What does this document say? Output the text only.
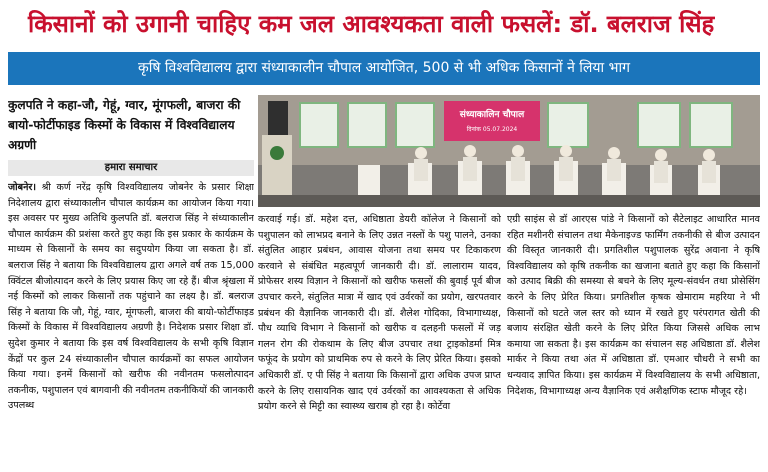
किसानों को उगानी चाहिए कम जल आवश्यकता वाली फसलें: डॉ. बलराज सिंह
कृषि विश्वविद्यालय द्वारा संध्याकालीन चौपाल आयोजित, 500 से भी अधिक किसानों ने लिया भाग
कुलपति ने कहा-जौ, गेहूं, ग्वार, मूंगफली, बाजरा की बायो-फोर्टीफाइड किस्मों के विकास में विश्वविद्यालय अग्रणी
हमारा समाचार
संध्याकालिन चौपाल
दिनांक 05.07.2024
जोबनेर। श्री कर्ण नरेंद्र कृषि विश्वविद्यालय जोबनेर के प्रसार शिक्षा निदेशालय द्वारा संध्याकालीन चौपाल कार्यक्रम का आयोजन किया गया। इस अवसर पर मुख्य अतिथि कुलपति डॉ. बलराज सिंह ने संध्याकालीन चौपाल कार्यक्रम की प्रशंसा करते हुए कहा कि इस प्रकार के कार्यक्रम के माध्यम से किसानों के समय का सदुपयोग किया जा सकता है। डॉ. बलराज सिंह ने बताया कि विश्वविद्यालय द्वारा अगले वर्ष तक 15,000 क्विंटल बीजोत्पादन करने के लिए प्रयास किए जा रहे हैं। बीज श्रृंखला में नई किस्मों को लाकर किसानों तक पहुंचाने का लक्ष्य है। डॉ. बलराज सिंह ने बताया कि जौ, गेहूं, ग्वार, मूंगफली, बाजरा की बायो-फोर्टीफाइड किस्मों के विकास में विश्वविद्यालय अग्रणी है। निदेशक प्रसार शिक्षा डॉ. सुदेश कुमार ने बताया कि इस वर्ष विश्वविद्यालय के सभी कृषि विज्ञान केंद्रों पर कुल 24 संध्याकालीन चौपाल कार्यक्रमों का सफल आयोजन किया गया। इनमें किसानों को खरीफ की नवीनतम फसलोत्पादन तकनीक, पशुपालन एवं बागवानी की नवीनतम तकनीकियों की जानकारी उपलब्ध
करवाई गई। डॉ. महेश दत्त, अधिष्ठाता डेयरी कॉलेज ने किसानों को पशुपालन को लाभप्रद बनाने के लिए उन्नत नस्लों के पशु पालने, उनका संतुलित आहार प्रबंधन, आवास योजना तथा समय पर टिकाकरण करवाने से संबंधित महत्वपूर्ण जानकारी दी। डॉ. लालाराम यादव, प्रोफेसर शस्य विज्ञान ने किसानों को खरीफ फसलों की बुवाई पूर्व बीज उपचार करने, संतुलित मात्रा में खाद एवं उर्वरकों का प्रयोग, खरपतवार प्रबंधन की वैज्ञानिक जानकारी दी। डॉ. शैलेश गोदिका, विभागाध्यक्ष, पौध व्याधि विभाग ने किसानों को खरीफ व दलहनी फसलों में जड़ गलन रोग की रोकथाम के लिए बीज उपचार तथा ट्राइकोडर्मा मित्र फफूंद के प्रयोग को प्राथमिक रुप से करने के लिए प्रेरित किया। इसको अधिकारी डॉ. ए पी सिंह ने बताया कि किसानों द्वारा अधिक उपज प्राप्त करने के लिए रासायनिक खाद एवं उर्वरकों का आवश्यकता से अधिक प्रयोग करने से मिट्टी का स्वास्थ्य खराब हो रहा है। कोर्टेवा
एग्री साइंस से डॉ आरएस पांडे ने किसानों को सैटेलाइट आधारित मानव रहित मशीनरी संचालन तथा मैकेनाइज्ड फार्मिंग तकनीकी से बीज उत्पादन की विस्तृत जानकारी दी। प्रगतिशील पशुपालक सुरेंद्र अवाना ने कृषि विश्वविद्यालय को कृषि तकनीक का खजाना बताते हुए कहा कि किसानों को उत्पाद बिक्री की समस्या से बचने के लिए मूल्य-संवर्धन तथा प्रोसेसिंग करने के लिए प्रेरित किया। प्रगतिशील कृषक खेमाराम महरिया ने भी किसानों को घटते जल स्तर को ध्यान में रखते हुए परंपरागत खेती की बजाय संरक्षित खेती करने के लिए प्रेरित किया जिससे अधिक लाभ कमाया जा सकता है। इस कार्यक्रम का संचालन सह अधिष्ठाता डॉ. शैलेश मार्कर ने किया तथा अंत में अधिष्ठाता डॉ. एमआर चौधरी ने सभी का धन्यवाद ज्ञापित किया। इस कार्यक्रम में विश्वविद्यालय के सभी अधिष्ठाता, निदेशक, विभागाध्यक्ष अन्य वैज्ञानिक एवं अशैक्षणिक स्टाफ मौजूद रहे।
